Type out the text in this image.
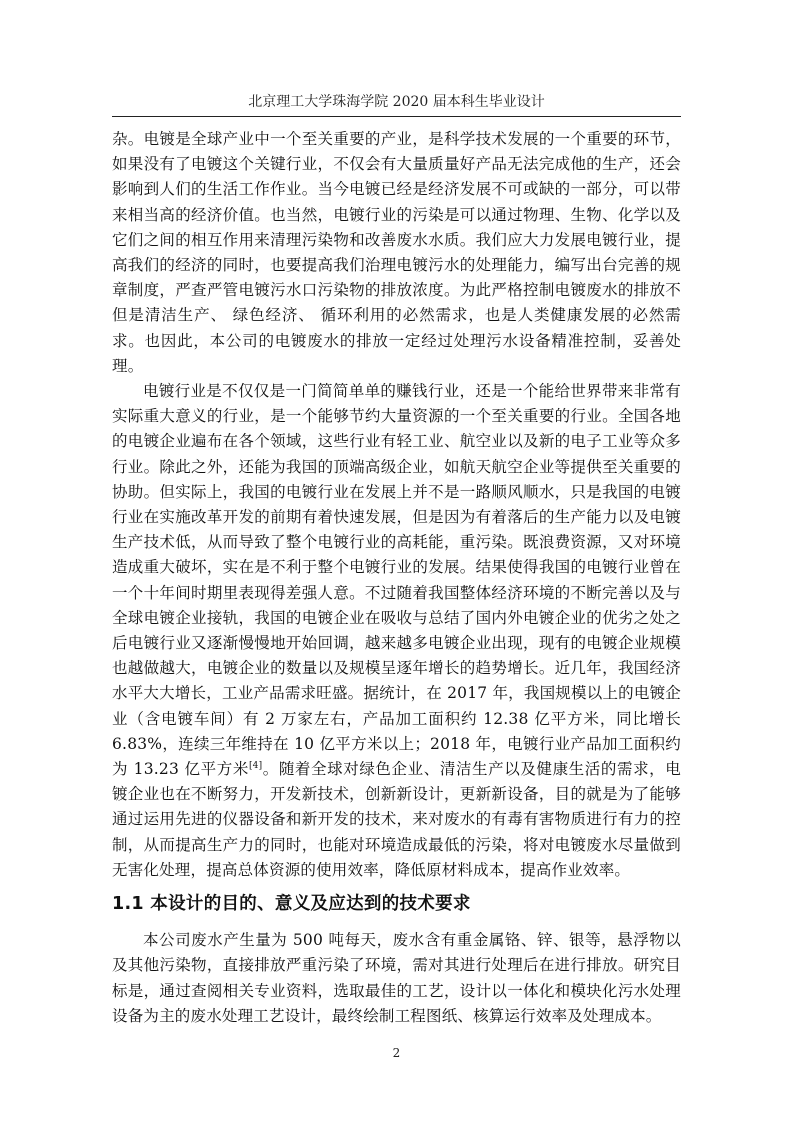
北京理工大学珠海学院 2020 届本科生毕业设计

杂。电镀是全球产业中一个至关重要的产业，是科学技术发展的一个重要的环节，如果没有了电镀这个关键行业，不仅会有大量质量好产品无法完成他的生产，还会影响到人们的生活工作作业。当今电镀已经是经济发展不可或缺的一部分，可以带来相当高的经济价值。也当然，电镀行业的污染是可以通过物理、生物、化学以及它们之间的相互作用来清理污染物和改善废水水质。我们应大力发展电镀行业，提高我们的经济的同时，也要提高我们治理电镀污水的处理能力，编写出台完善的规章制度，严查严管电镀污水口污染物的排放浓度。为此严格控制电镀废水的排放不但是清洁生产、 绿色经济、 循环利用的必然需求，也是人类健康发展的必然需求。也因此，本公司的电镀废水的排放一定经过处理污水设备精准控制，妥善处理。

电镀行业是不仅仅是一门简简单单的赚钱行业，还是一个能给世界带来非常有实际重大意义的行业，是一个能够节约大量资源的一个至关重要的行业。全国各地的电镀企业遍布在各个领域，这些行业有轻工业、航空业以及新的电子工业等众多行业。除此之外，还能为我国的顶端高级企业，如航天航空企业等提供至关重要的协助。但实际上，我国的电镀行业在发展上并不是一路顺风顺水，只是我国的电镀行业在实施改革开发的前期有着快速发展，但是因为有着落后的生产能力以及电镀生产技术低，从而导致了整个电镀行业的高耗能，重污染。既浪费资源，又对环境造成重大破坏，实在是不利于整个电镀行业的发展。结果使得我国的电镀行业曾在一个十年间时期里表现得差强人意。不过随着我国整体经济环境的不断完善以及与全球电镀企业接轨，我国的电镀企业在吸收与总结了国内外电镀企业的优劣之处之后电镀行业又逐渐慢慢地开始回调，越来越多电镀企业出现，现有的电镀企业规模也越做越大，电镀企业的数量以及规模呈逐年增长的趋势增长。近几年，我国经济水平大大增长，工业产品需求旺盛。据统计，在 2017 年，我国规模以上的电镀企业（含电镀车间）有 2 万家左右，产品加工面积约 12.38 亿平方米，同比增长 6.83%，连续三年维持在 10 亿平方米以上；2018 年，电镀行业产品加工面积约为 13.23 亿平方米[4]。随着全球对绿色企业、清洁生产以及健康生活的需求，电镀企业也在不断努力，开发新技术，创新新设计，更新新设备，目的就是为了能够通过运用先进的仪器设备和新开发的技术，来对废水的有毒有害物质进行有力的控制，从而提高生产力的同时，也能对环境造成最低的污染，将对电镀废水尽量做到无害化处理，提高总体资源的使用效率，降低原材料成本，提高作业效率。

1.1 本设计的目的、意义及应达到的技术要求

本公司废水产生量为 500 吨每天，废水含有重金属铬、锌、银等，悬浮物以及其他污染物，直接排放严重污染了环境，需对其进行处理后在进行排放。研究目标是，通过查阅相关专业资料，选取最佳的工艺，设计以一体化和模块化污水处理设备为主的废水处理工艺设计，最终绘制工程图纸、核算运行效率及处理成本。

2
